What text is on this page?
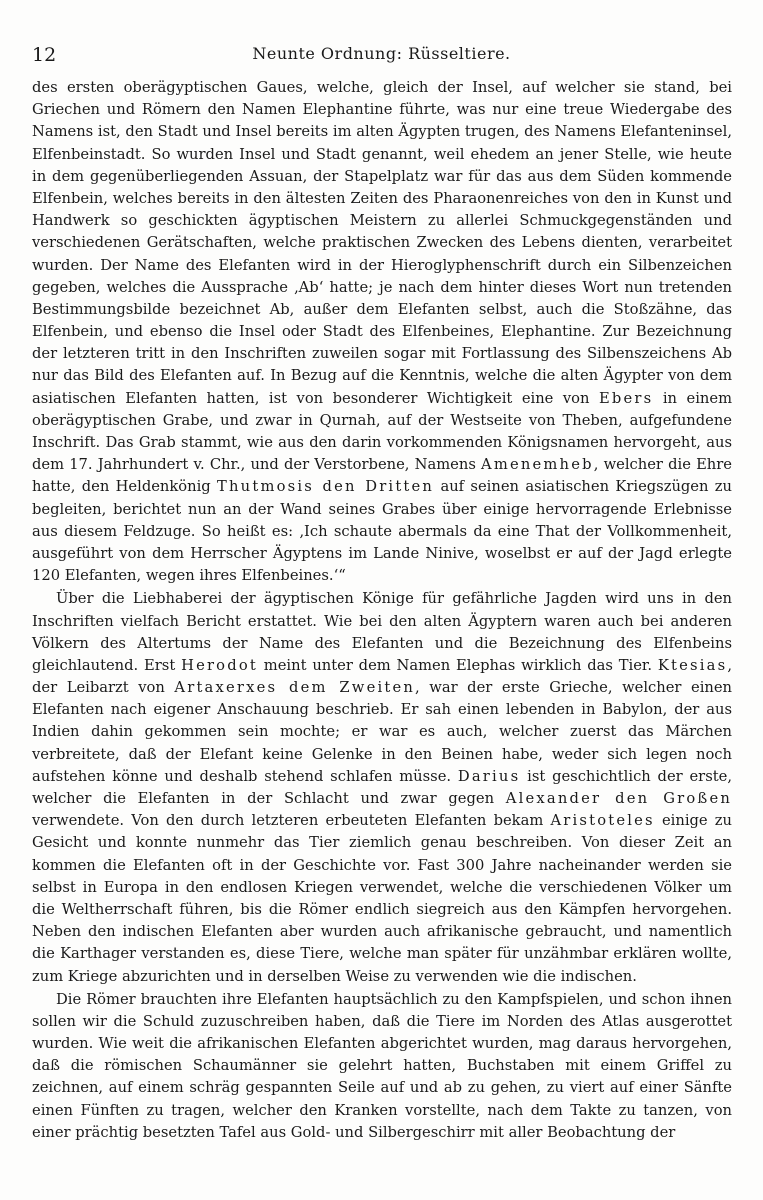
12	Neunte Ordnung: Rüsseltiere.

des ersten oberägyptischen Gaues, welche, gleich der Insel, auf welcher sie stand, bei Griechen und Römern den Namen Elephantine führte, was nur eine treue Wiedergabe des Namens ist, den Stadt und Insel bereits im alten Ägypten trugen, des Namens Elefanteninsel, Elfenbeinstadt. So wurden Insel und Stadt genannt, weil ehedem an jener Stelle, wie heute in dem gegenüberliegenden Assuan, der Stapelplatz war für das aus dem Süden kommende Elfenbein, welches bereits in den ältesten Zeiten des Pharaonenreiches von den in Kunst und Handwerk so geschickten ägyptischen Meistern zu allerlei Schmuckgegenständen und verschiedenen Gerätschaften, welche praktischen Zwecken des Lebens dienten, verarbeitet wurden. Der Name des Elefanten wird in der Hieroglyphenschrift durch ein Silbenzeichen gegeben, welches die Aussprache ‚Ab‘ hatte; je nach dem hinter dieses Wort nun tretenden Bestimmungsbilde bezeichnet Ab, außer dem Elefanten selbst, auch die Stoßzähne, das Elfenbein, und ebenso die Insel oder Stadt des Elfenbeines, Elephantine. Zur Bezeichnung der letzteren tritt in den Inschriften zuweilen sogar mit Fortlassung des Silbenszeichens Ab nur das Bild des Elefanten auf. In Bezug auf die Kenntnis, welche die alten Ägypter von dem asiatischen Elefanten hatten, ist von besonderer Wichtigkeit eine von Ebers in einem oberägyptischen Grabe, und zwar in Qurnah, auf der Westseite von Theben, aufgefundene Inschrift. Das Grab stammt, wie aus den darin vorkommenden Königsnamen hervorgeht, aus dem 17. Jahrhundert v. Chr., und der Verstorbene, Namens Amenemheb, welcher die Ehre hatte, den Heldenkönig Thutmosis den Dritten auf seinen asiatischen Kriegszügen zu begleiten, berichtet nun an der Wand seines Grabes über einige hervorragende Erlebnisse aus diesem Feldzuge. So heißt es: ‚Ich schaute abermals da eine That der Vollkommenheit, ausgeführt von dem Herrscher Ägyptens im Lande Ninive, woselbst er auf der Jagd erlegte 120 Elefanten, wegen ihres Elfenbeines.‘“

Über die Liebhaberei der ägyptischen Könige für gefährliche Jagden wird uns in den Inschriften vielfach Bericht erstattet. Wie bei den alten Ägyptern waren auch bei anderen Völkern des Altertums der Name des Elefanten und die Bezeichnung des Elfenbeins gleichlautend. Erst Herodot meint unter dem Namen Elephas wirklich das Tier. Ktesias, der Leibarzt von Artaxerxes dem Zweiten, war der erste Grieche, welcher einen Elefanten nach eigener Anschauung beschrieb. Er sah einen lebenden in Babylon, der aus Indien dahin gekommen sein mochte; er war es auch, welcher zuerst das Märchen verbreitete, daß der Elefant keine Gelenke in den Beinen habe, weder sich legen noch aufstehen könne und deshalb stehend schlafen müsse. Darius ist geschichtlich der erste, welcher die Elefanten in der Schlacht und zwar gegen Alexander den Großen verwendete. Von den durch letzteren erbeuteten Elefanten bekam Aristoteles einige zu Gesicht und konnte nunmehr das Tier ziemlich genau beschreiben. Von dieser Zeit an kommen die Elefanten oft in der Geschichte vor. Fast 300 Jahre nacheinander werden sie selbst in Europa in den endlosen Kriegen verwendet, welche die verschiedenen Völker um die Weltherrschaft führen, bis die Römer endlich siegreich aus den Kämpfen hervorgehen. Neben den indischen Elefanten aber wurden auch afrikanische gebraucht, und namentlich die Karthager verstanden es, diese Tiere, welche man später für unzähmbar erklären wollte, zum Kriege abzurichten und in derselben Weise zu verwenden wie die indischen.

Die Römer brauchten ihre Elefanten hauptsächlich zu den Kampfspielen, und schon ihnen sollen wir die Schuld zuzuschreiben haben, daß die Tiere im Norden des Atlas ausgerottet wurden. Wie weit die afrikanischen Elefanten abgerichtet wurden, mag daraus hervorgehen, daß die römischen Schaumänner sie gelehrt hatten, Buchstaben mit einem Griffel zu zeichnen, auf einem schräg gespannten Seile auf und ab zu gehen, zu viert auf einer Sänfte einen Fünften zu tragen, welcher den Kranken vorstellte, nach dem Takte zu tanzen, von einer prächtig besetzten Tafel aus Gold- und Silbergeschirr mit aller Beobachtung der
